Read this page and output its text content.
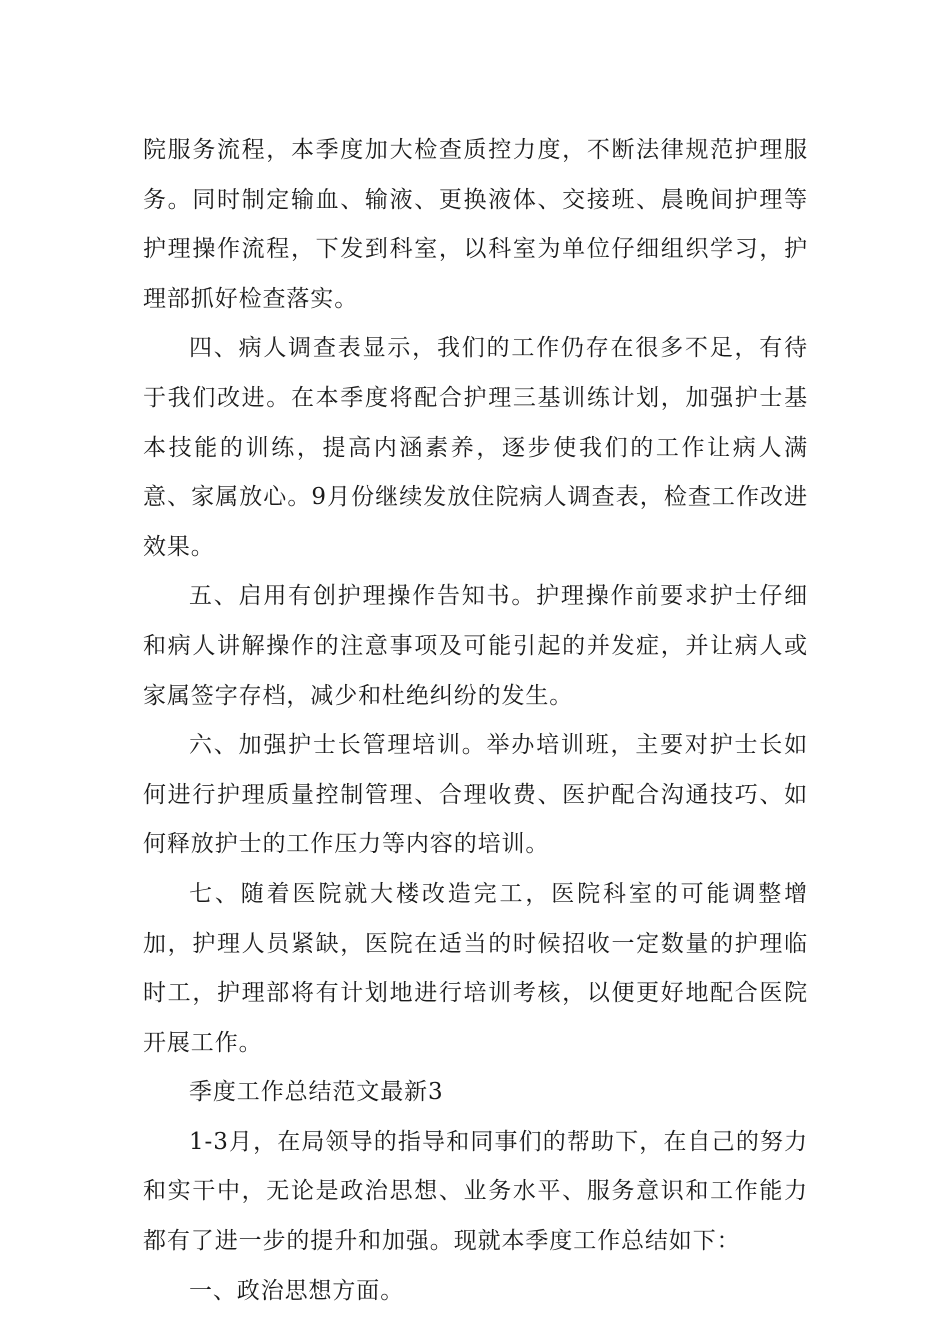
院服务流程，本季度加大检查质控力度，不断法律规范护理服务。同时制定输血、输液、更换液体、交接班、晨晚间护理等护理操作流程，下发到科室，以科室为单位仔细组织学习，护理部抓好检查落实。

四、病人调查表显示，我们的工作仍存在很多不足，有待于我们改进。在本季度将配合护理三基训练计划，加强护士基本技能的训练，提高内涵素养，逐步使我们的工作让病人满意、家属放心。9月份继续发放住院病人调查表，检查工作改进效果。

五、启用有创护理操作告知书。护理操作前要求护士仔细和病人讲解操作的注意事项及可能引起的并发症，并让病人或家属签字存档，减少和杜绝纠纷的发生。

六、加强护士长管理培训。举办培训班，主要对护士长如何进行护理质量控制管理、合理收费、医护配合沟通技巧、如何释放护士的工作压力等内容的培训。

七、随着医院就大楼改造完工，医院科室的可能调整增加，护理人员紧缺，医院在适当的时候招收一定数量的护理临时工，护理部将有计划地进行培训考核，以便更好地配合医院开展工作。

季度工作总结范文最新3

1-3月，在局领导的指导和同事们的帮助下，在自己的努力和实干中，无论是政治思想、业务水平、服务意识和工作能力都有了进一步的提升和加强。现就本季度工作总结如下：

一、政治思想方面。
